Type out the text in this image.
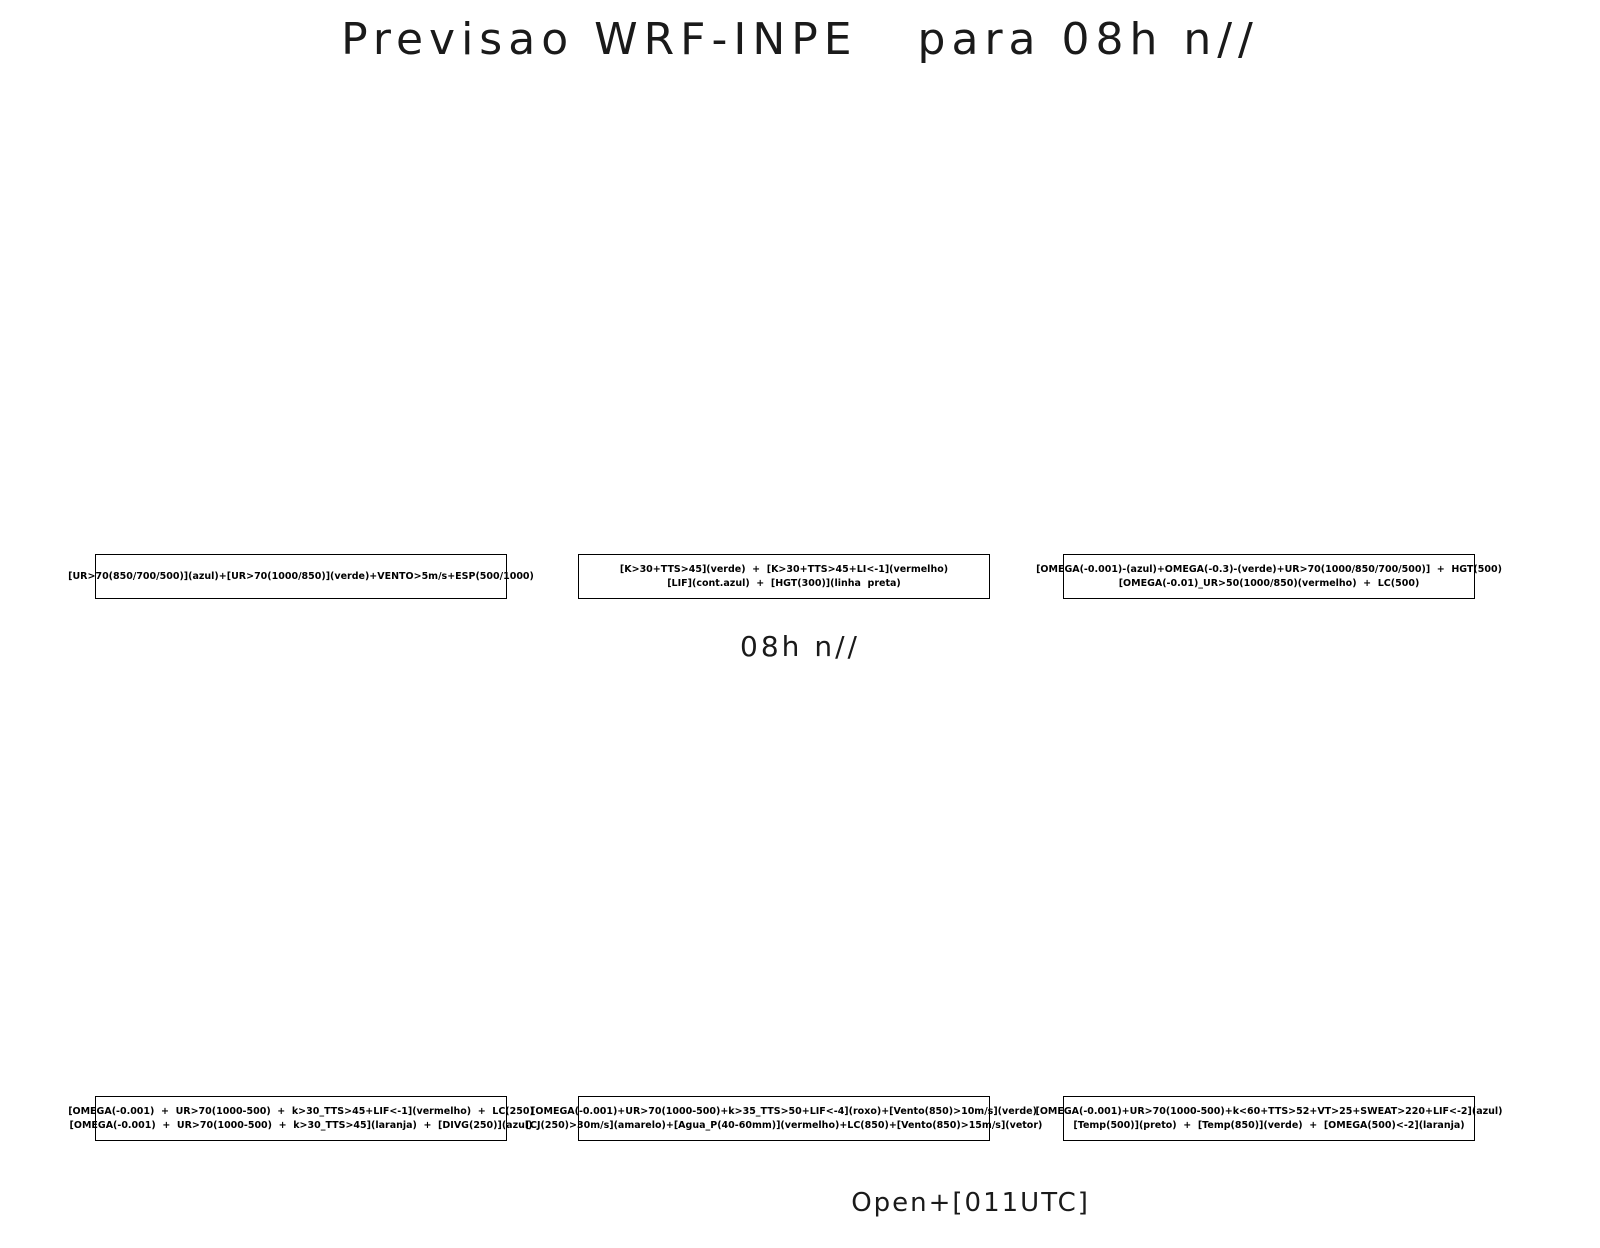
Previsao WRF-INPE   para 08h n//
[UR>70(850/700/500)](azul)+[UR>70(1000/850)](verde)+VENTO>5m/s+ESP(500/1000)
[K>30+TTS>45](verde)  +  [K>30+TTS>45+LI<-1](vermelho)
[LIF](cont.azul)  +  [HGT(300)](linha  preta)
[OMEGA(-0.001)-(azul)+OMEGA(-0.3)-(verde)+UR>70(1000/850/700/500)]  +  HGT(500)
[OMEGA(-0.01)_UR>50(1000/850)(vermelho)  +  LC(500)
08h n//
[OMEGA(-0.001)  +  UR>70(1000-500)  +  k>30_TTS>45+LIF<-1](vermelho)  +  LC(250)
[OMEGA(-0.001)  +  UR>70(1000-500)  +  k>30_TTS>45](laranja)  +  [DIVG(250)](azul)
[OMEGA(-0.001)+UR>70(1000-500)+k>35_TTS>50+LIF<-4](roxo)+[Vento(850)>10m/s](verde)
[CJ(250)>30m/s](amarelo)+[Agua_P(40-60mm)](vermelho)+LC(850)+[Vento(850)>15m/s](vetor)
[OMEGA(-0.001)+UR>70(1000-500)+k<60+TTS>52+VT>25+SWEAT>220+LIF<-2](azul)
[Temp(500)](preto)  +  [Temp(850)](verde)  +  [OMEGA(500)<-2](laranja)

Open+[011UTC]
